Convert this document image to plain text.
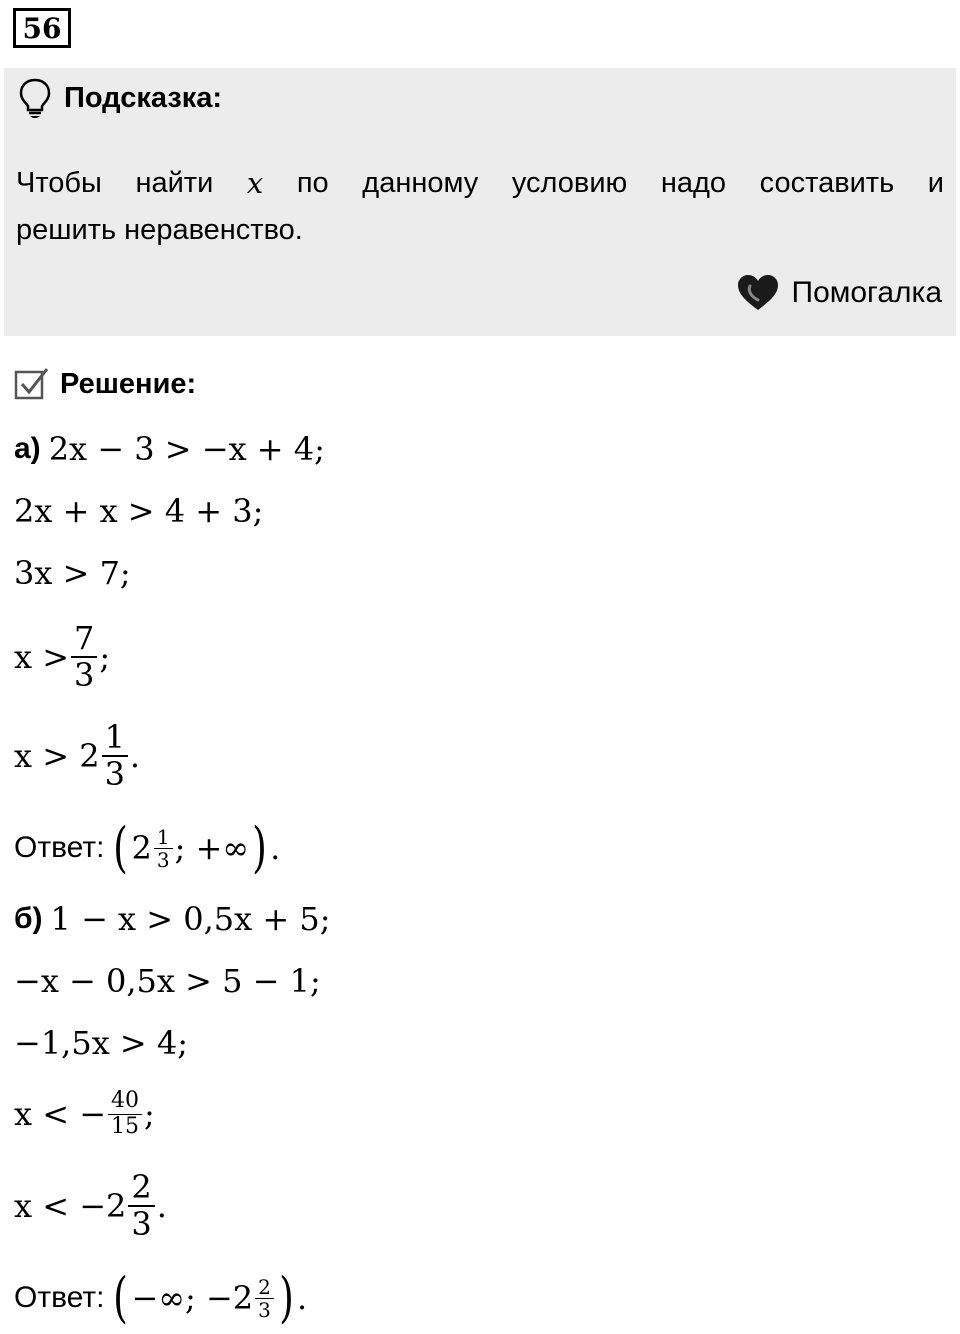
56
Подсказка:
Чтобы найти x по данному условию надо составить и
решить неравенство.
Помогалка
Решение:
а) 2x − 3 > −x + 4;
2x + x > 4 + 3;
3x > 7;
$x > \frac{7}{3}$ ;
$x > 2 \frac{1}{3}$ .
Ответ: ( $2 \frac{1}{3}$ ; +∞ ) .
б) 1 − x > 0,5x + 5;
−x − 0,5x > 5 − 1;
−1,5x > 4;
x < − $\frac{40}{15}$ ;
$x < -2 \frac{2}{3}$ .
Ответ: ( −∞; $-2 \frac{2}{3}$ ) .
